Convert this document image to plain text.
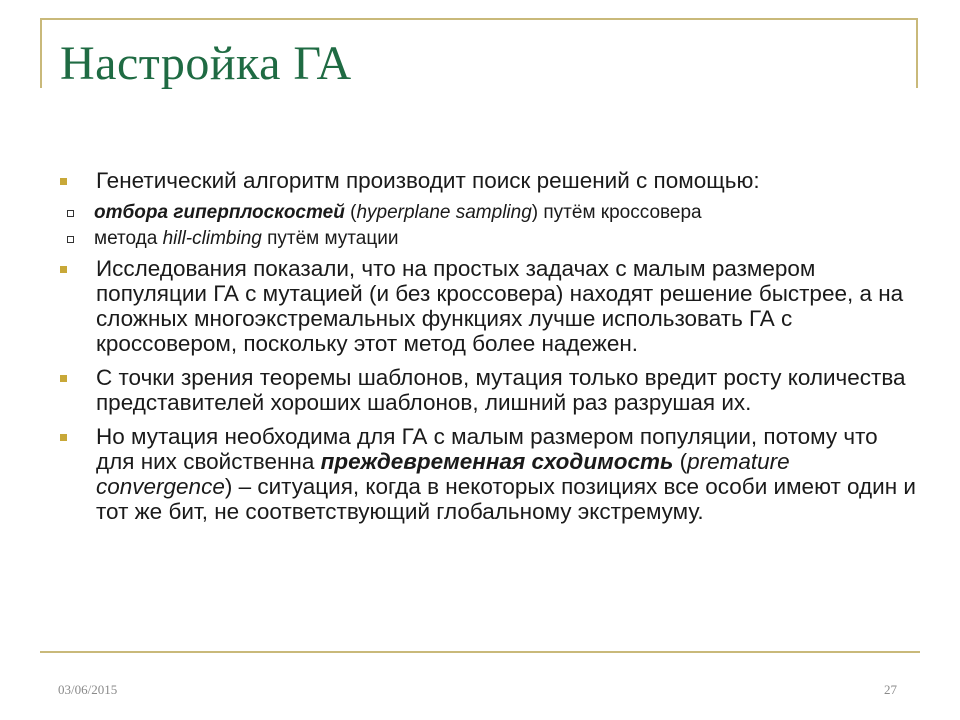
Настройка ГА
Генетический алгоритм производит поиск решений с помощью:
отбора гиперплоскостей (hyperplane sampling) путём кроссовера
метода hill-climbing путём мутации
Исследования показали, что на простых задачах с малым размером популяции ГА с мутацией (и без кроссовера) находят решение быстрее, а на сложных многоэкстремальных функциях лучше использовать ГА с кроссовером, поскольку этот метод более надежен.
С точки зрения теоремы шаблонов, мутация только вредит росту количества представителей хороших шаблонов, лишний раз разрушая их.
Но мутация необходима для ГА с малым размером популяции, потому что для них свойственна преждевременная сходимость (premature convergence) – ситуация, когда в некоторых позициях все особи имеют один и тот же бит, не соответствующий глобальному экстремуму.
03/06/2015	27
